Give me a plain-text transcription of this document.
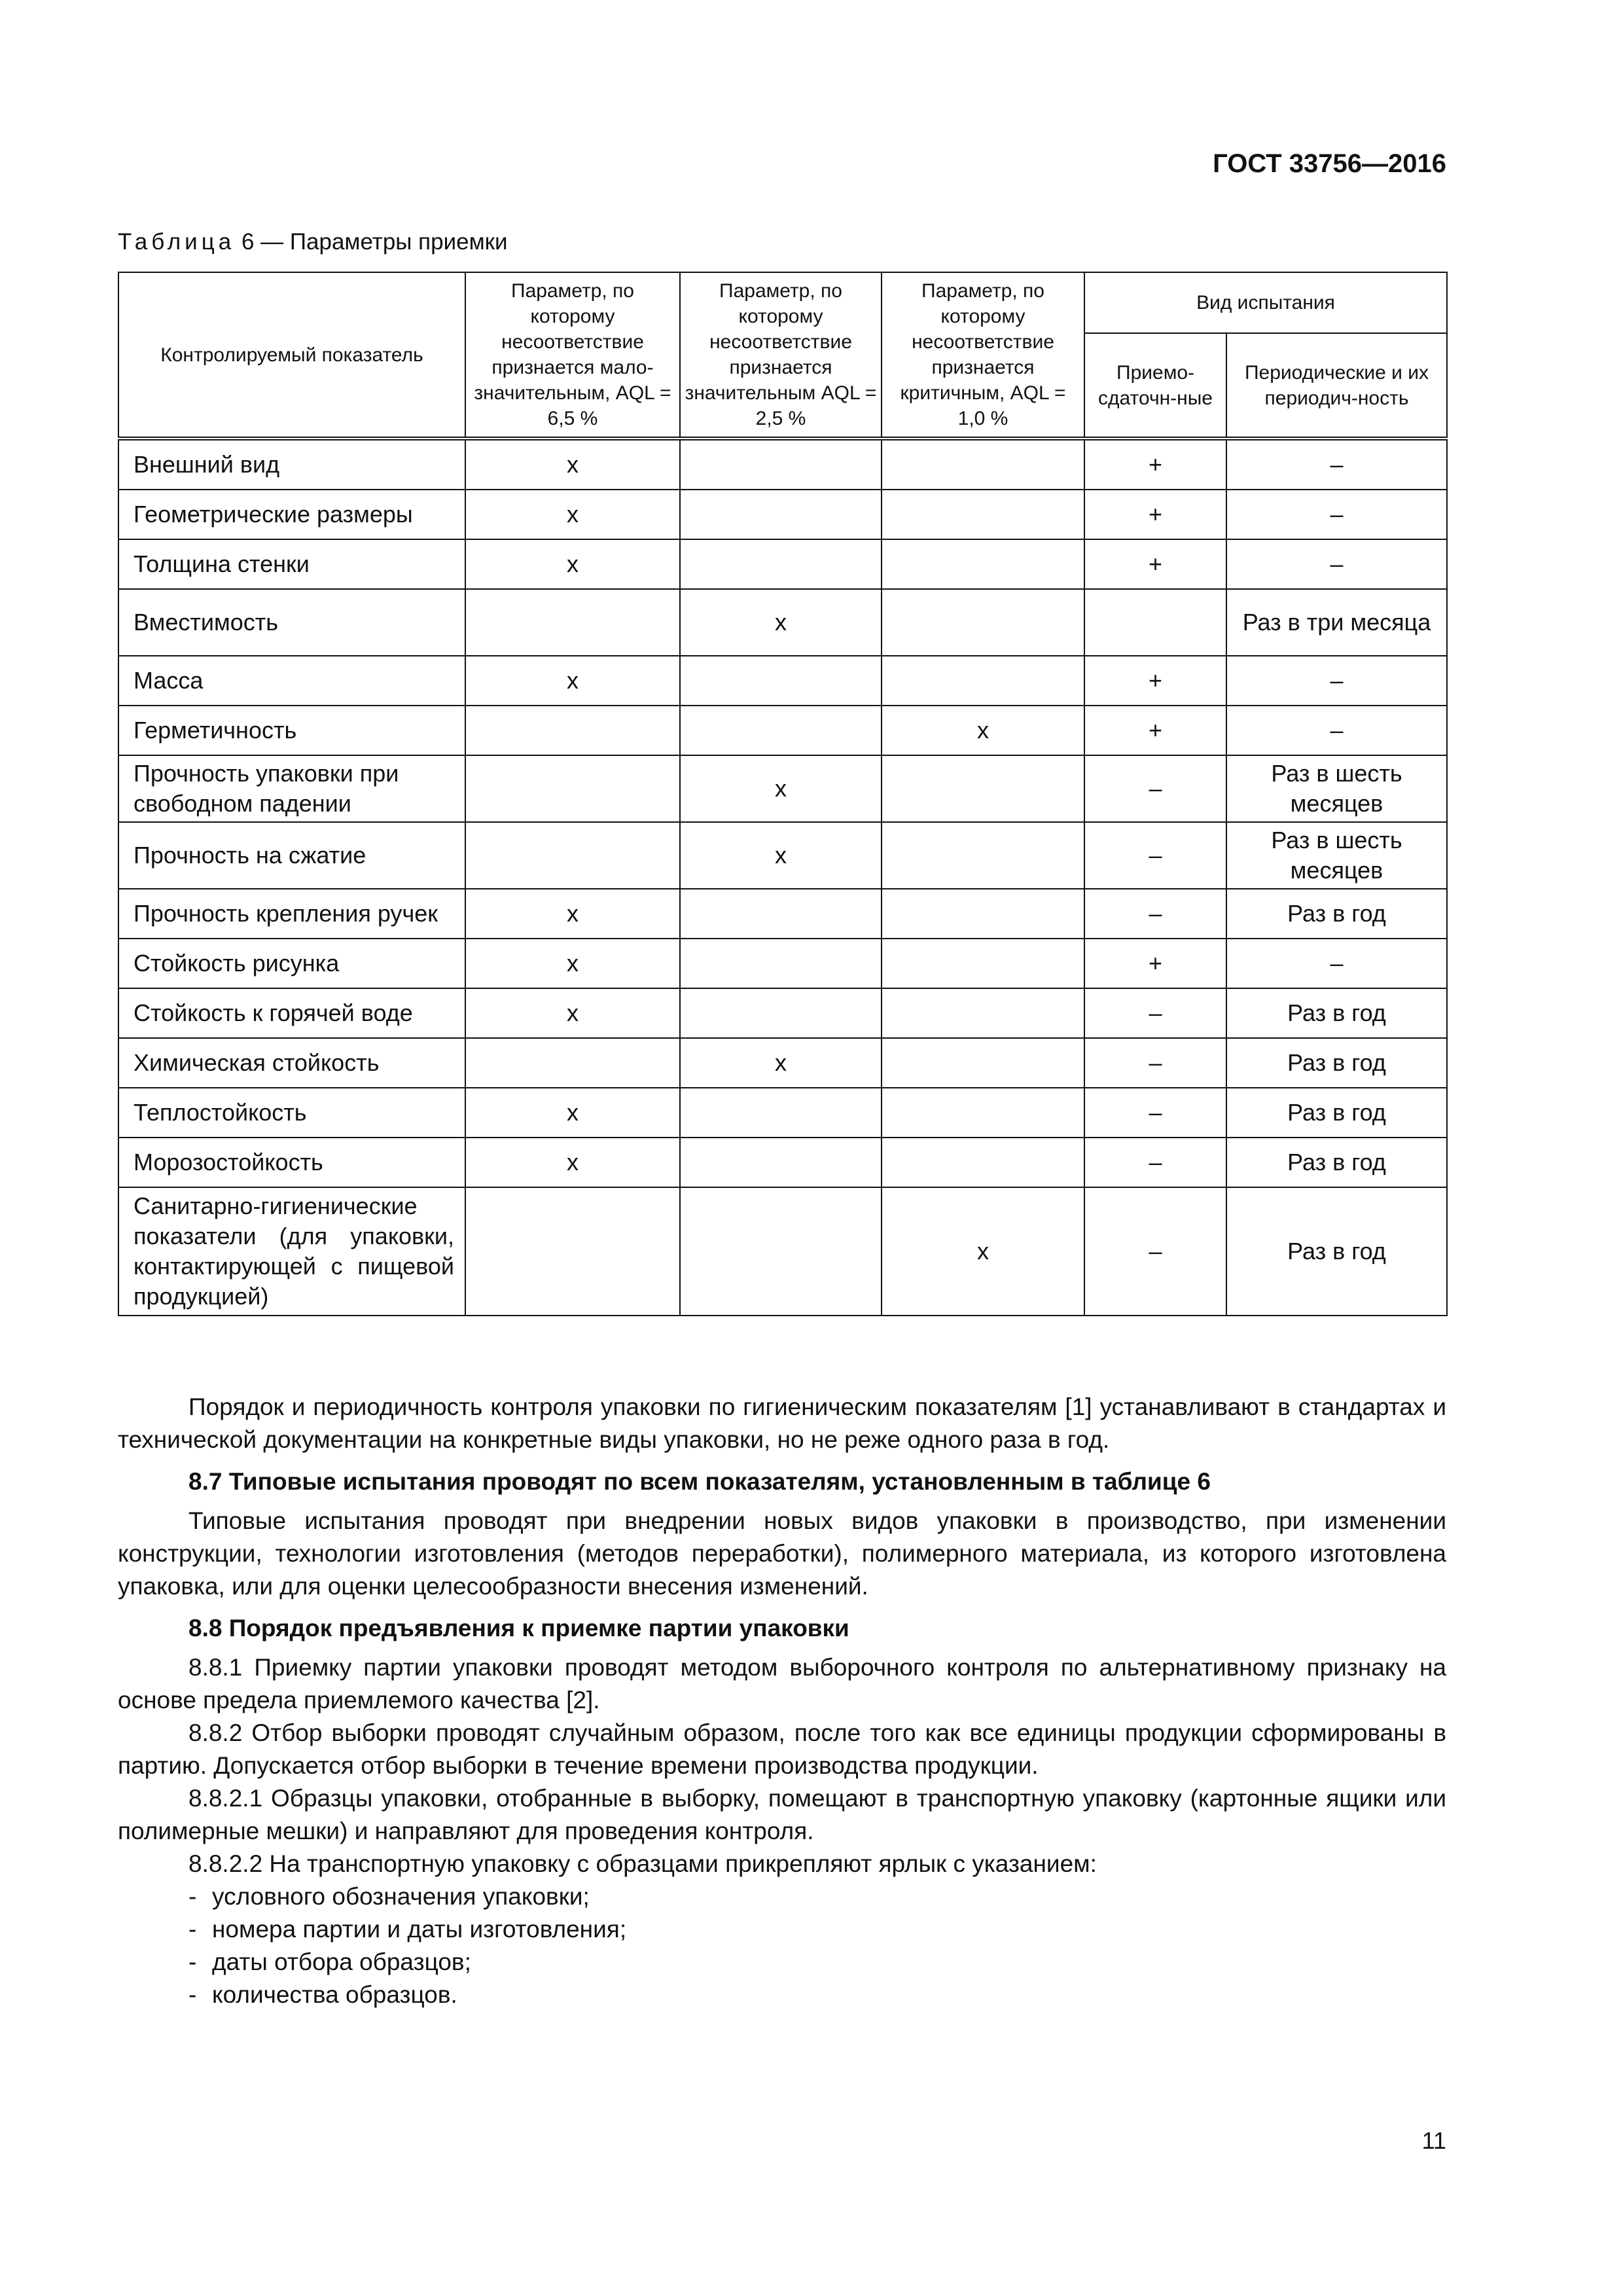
ГОСТ 33756—2016
Таблица 6 — Параметры приемки
Контролируемый показатель	Параметр, по которому несоответствие признается мало-значительным, AQL = 6,5 %	Параметр, по которому несоответствие признается значительным AQL = 2,5 %	Параметр, по которому несоответствие признается критичным, AQL = 1,0 %	Вид испытания	
				Приемо-сдаточн-ные	Периодические и их периодич-ность
Внешний вид	х			+	–
Геометрические размеры	х			+	–
Толщина стенки	х			+	–
Вместимость		х			Раз в три месяца
Масса	х			+	–
Герметичность			х	+	–
Прочность упаковки при свободном падении		х		–	Раз в шесть месяцев
Прочность на сжатие		х		–	Раз в шесть месяцев
Прочность крепления ручек	х			–	Раз в год
Стойкость рисунка	х			+	–
Стойкость к горячей воде	х			–	Раз в год
Химическая стойкость		х		–	Раз в год
Теплостойкость	х			–	Раз в год
Морозостойкость	х			–	Раз в год
Санитарно-гигиенические показатели (для упаковки, контактирующей с пищевой продукцией)			х	–	Раз в год

Порядок и периодичность контроля упаковки по гигиеническим показателям [1] устанавливают в стандартах и технической документации на конкретные виды упаковки, но не реже одного раза в год.

8.7 Типовые испытания проводят по всем показателям, установленным в таблице 6

Типовые испытания проводят при внедрении новых видов упаковки в производство, при изменении конструкции, технологии изготовления (методов переработки), полимерного материала, из которого изготовлена упаковка, или для оценки целесообразности внесения изменений.

8.8 Порядок предъявления к приемке партии упаковки

8.8.1 Приемку партии упаковки проводят методом выборочного контроля по альтернативному признаку на основе предела приемлемого качества [2].

8.8.2 Отбор выборки проводят случайным образом, после того как все единицы продукции сформированы в партию. Допускается отбор выборки в течение времени производства продукции.

8.8.2.1 Образцы упаковки, отобранные в выборку, помещают в транспортную упаковку (картонные ящики или полимерные мешки) и направляют для проведения контроля.

8.8.2.2 На транспортную упаковку с образцами прикрепляют ярлык с указанием:

- условного обозначения упаковки;
- номера партии и даты изготовления;
- даты отбора образцов;
- количества образцов.
11
